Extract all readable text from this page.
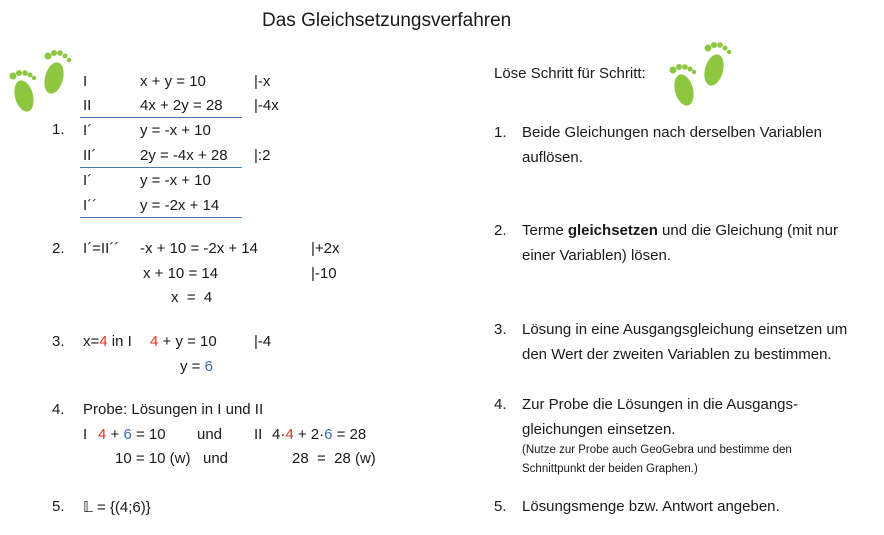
Das Gleichsetzungsverfahren
1.
I	x + y = 10	|-x
II	4x + 2y = 28 |-4x
I´	y = -x + 10
II´	2y = -4x + 28 |:2
I´	y = -x + 10
I´´	y = -2x + 14
2. I´=II´´ -x + 10 = -2x + 14	|+2x
x + 10 = 14	|-10
x  =  4
3. x=4 in I 4 + y = 10 |-4
y = 6
4. Probe: Lösungen in I und II
I 4 + 6 = 10 und II 4·4 + 2·6 = 28
10 = 10 (w) und	28  =  28 (w)
5. 𝕃 = {(4;6)}
Löse Schritt für Schritt:
1. Beide Gleichungen nach derselben Variablen
auflösen.
2. Terme gleichsetzen und die Gleichung (mit nur
einer Variablen) lösen.
3. Lösung in eine Ausgangsgleichung einsetzen um
den Wert der zweiten Variablen zu bestimmen.
4. Zur Probe die Lösungen in die Ausgangs-
gleichungen einsetzen.
(Nutze zur Probe auch GeoGebra und bestimme den
Schnittpunkt der beiden Graphen.)
5. Lösungsmenge bzw. Antwort angeben.
